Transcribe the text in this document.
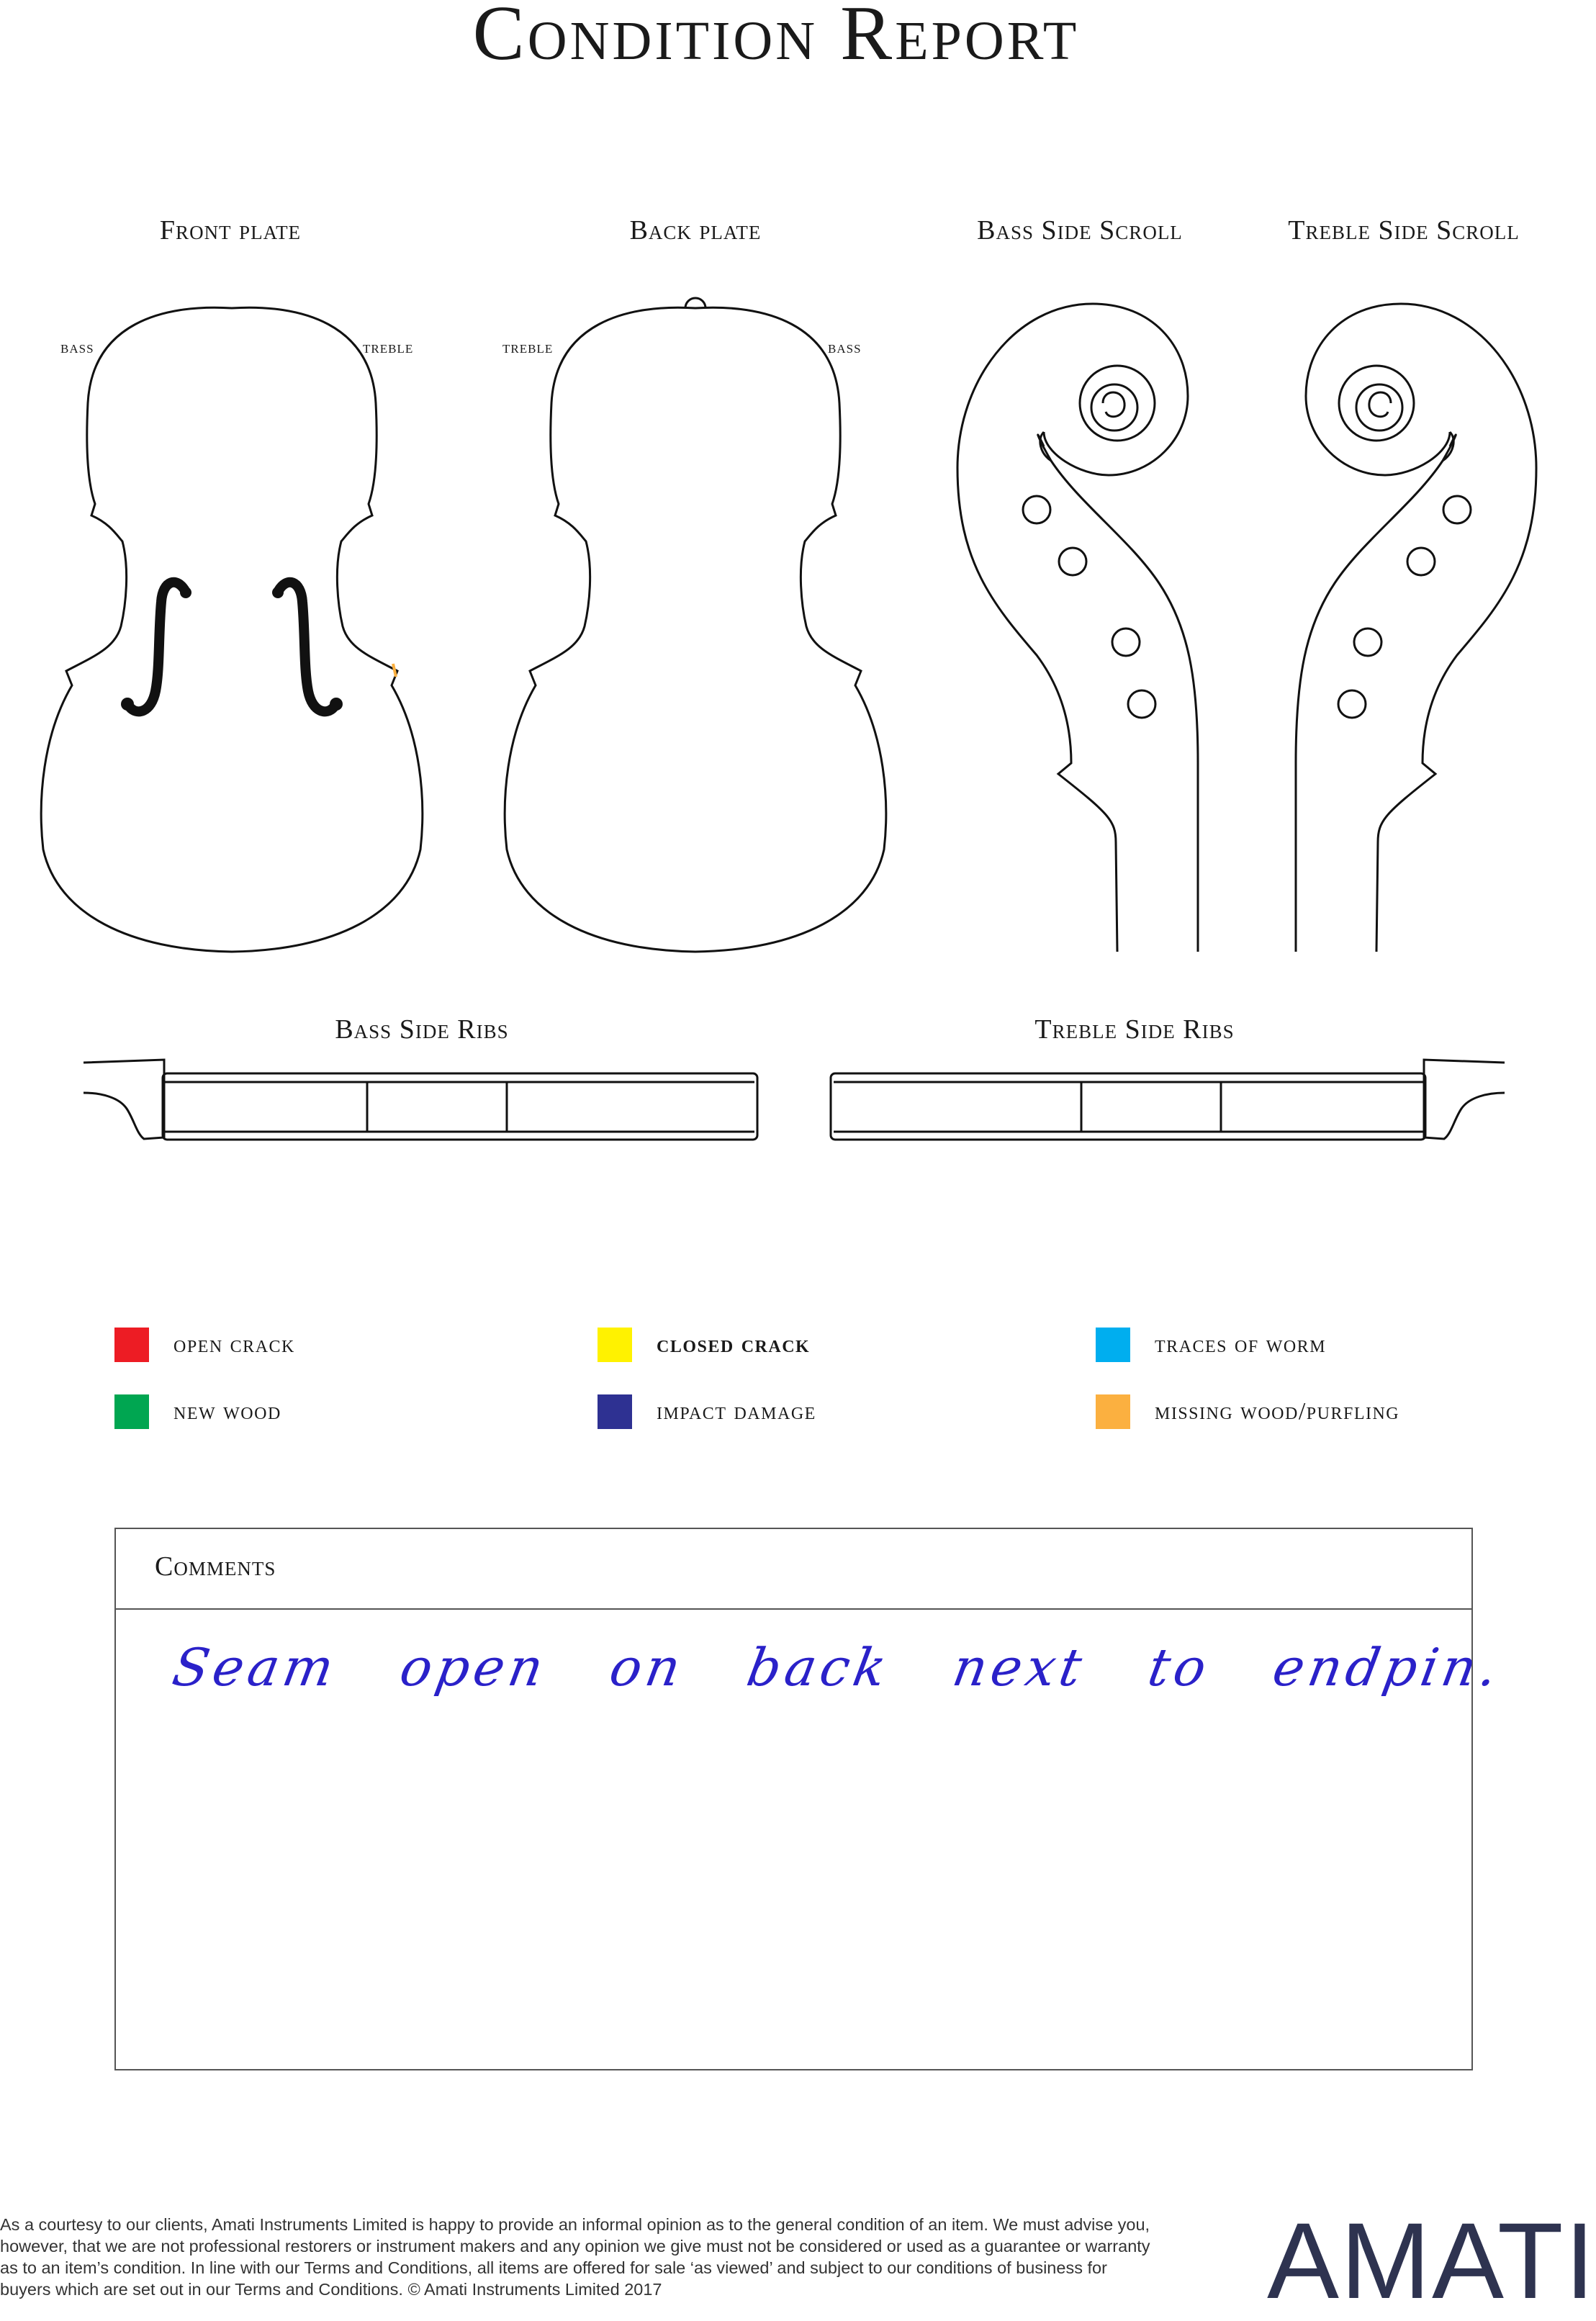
Condition Report
Front plate	Back plate	Bass Side Scroll	Treble Side Scroll
Bass Side Ribs	Treble Side Ribs
bass	treble	treble	bass
open crack	closed crack	traces of worm
new wood	impact damage	missing wood/purfling
Comments
Seam open on back next to endpin.
As a courtesy to our clients, Amati Instruments Limited is happy to provide an informal opinion as to the general condition of an item. We must advise you, however, that we are not professional restorers or instrument makers and any opinion we give must not be considered or used as a guarantee or warranty as to an item’s condition. In line with our Terms and Conditions, all items are offered for sale ‘as viewed’ and subject to our conditions of business for buyers which are set out in our Terms and Conditions. © Amati Instruments Limited 2017	AMATI
